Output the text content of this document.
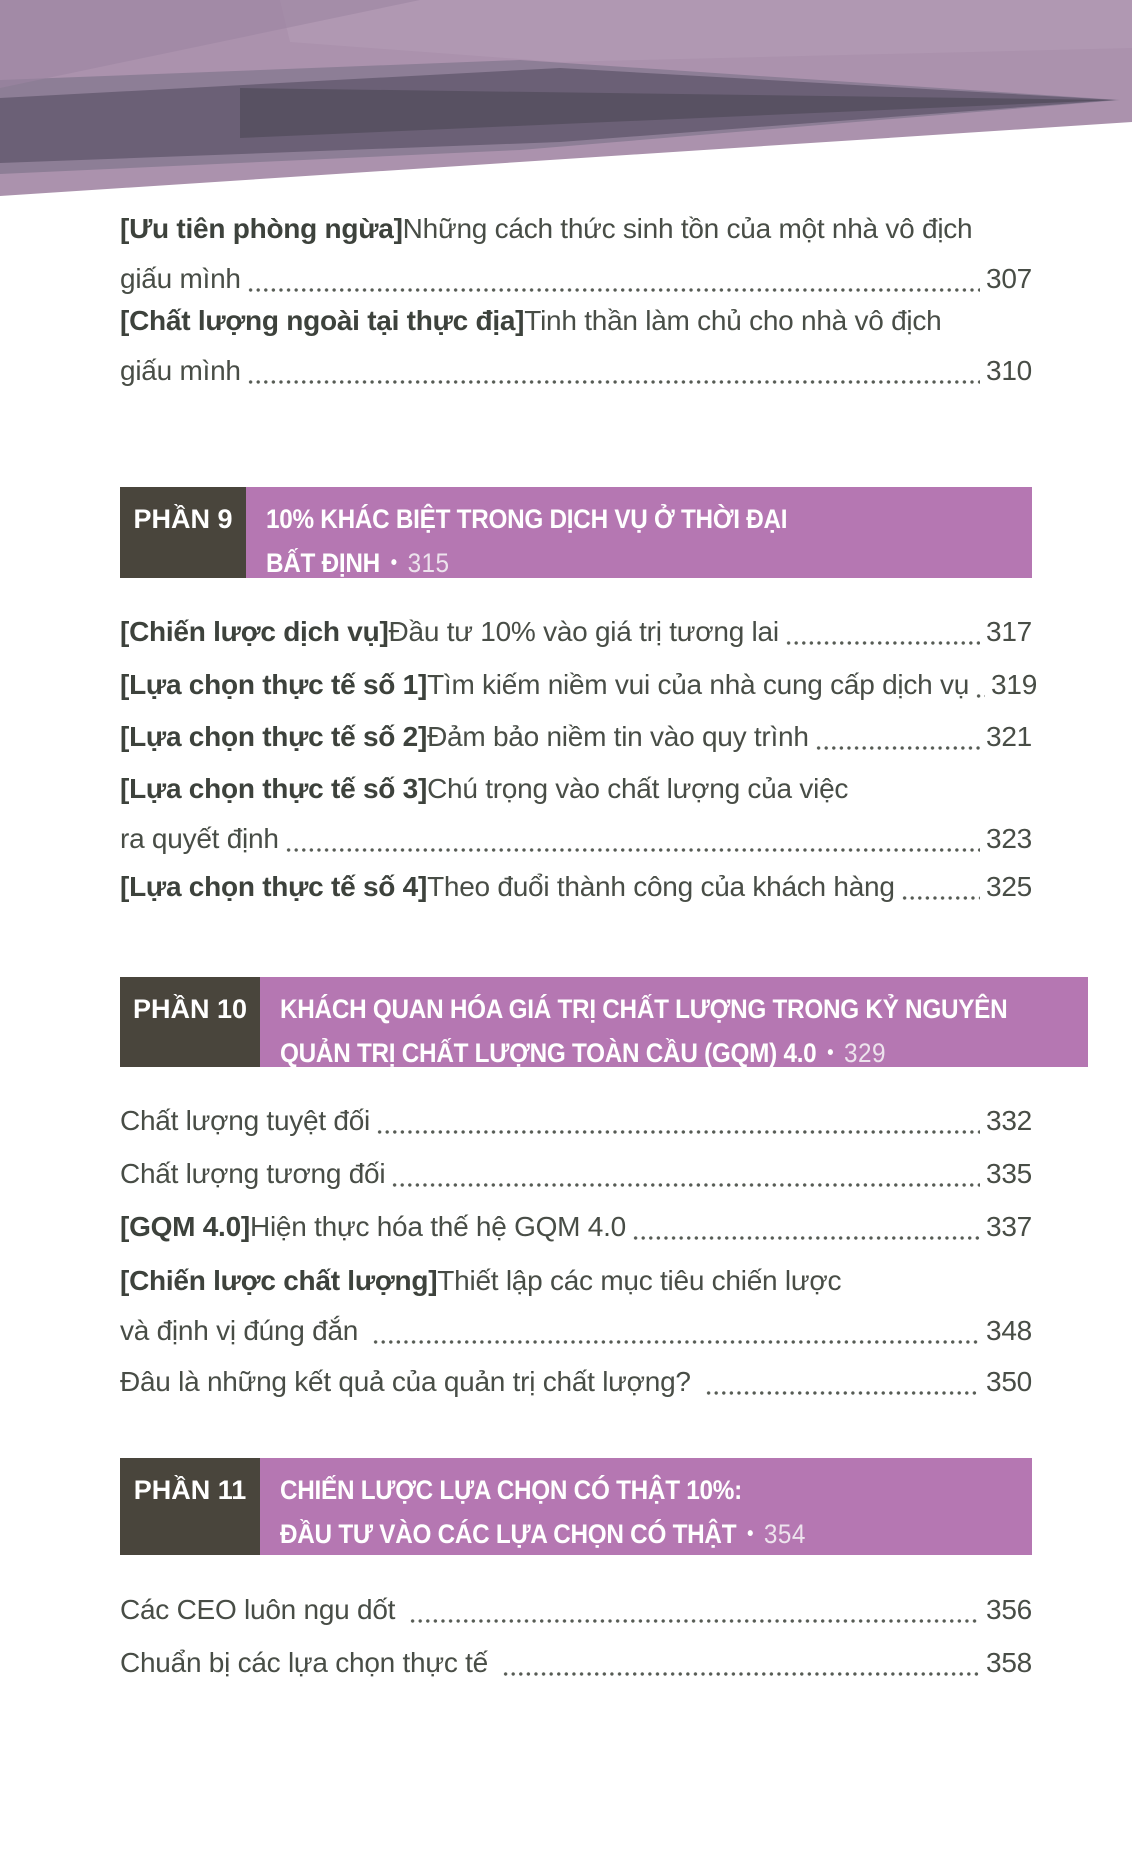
[Ưu tiên phòng ngừa] Những cách thức sinh tồn của một nhà vô địch
giấu mình	307
[Chất lượng ngoài tại thực địa] Tinh thần làm chủ cho nhà vô địch
giấu mình	310
PHẦN 9	10% KHÁC BIỆT TRONG DỊCH VỤ Ở THỜI ĐẠI
BẤT ĐỊNH • 315
[Chiến lược dịch vụ] Đầu tư 10% vào giá trị tương lai	317
[Lựa chọn thực tế số 1] Tìm kiếm niềm vui của nhà cung cấp dịch vụ 319
[Lựa chọn thực tế số 2] Đảm bảo niềm tin vào quy trình	321
[Lựa chọn thực tế số 3] Chú trọng vào chất lượng của việc
ra quyết định	323
[Lựa chọn thực tế số 4] Theo đuổi thành công của khách hàng	325
PHẦN 10	KHÁCH QUAN HÓA GIÁ TRỊ CHẤT LƯỢNG TRONG KỶ NGUYÊN
QUẢN TRỊ CHẤT LƯỢNG TOÀN CẦU (GQM) 4.0 • 329
Chất lượng tuyệt đối	332
Chất lượng tương đối	335
[GQM 4.0] Hiện thực hóa thế hệ GQM 4.0	337
[Chiến lược chất lượng] Thiết lập các mục tiêu chiến lược
và định vị đúng đắn	348
Đâu là những kết quả của quản trị chất lượng?	350
PHẦN 11	CHIẾN LƯỢC LỰA CHỌN CÓ THẬT 10%:
ĐẦU TƯ VÀO CÁC LỰA CHỌN CÓ THẬT • 354
Các CEO luôn ngu dốt	356
Chuẩn bị các lựa chọn thực tế	358
